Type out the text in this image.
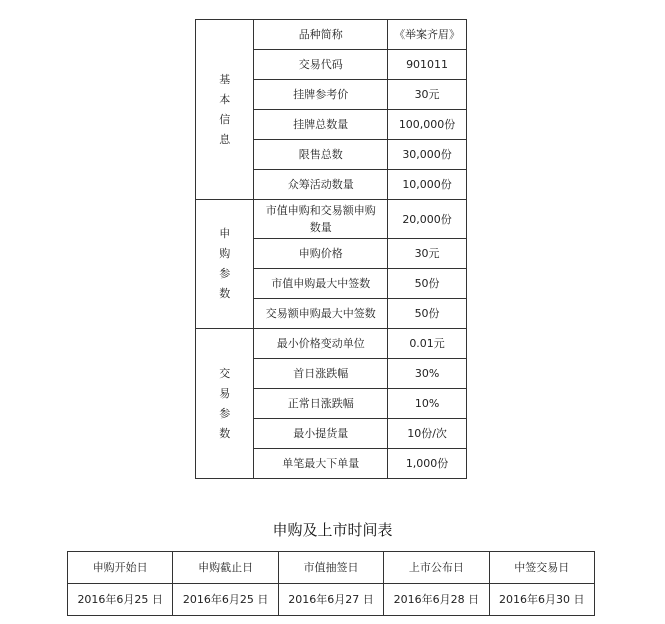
基
本
信
息	品种简称	《举案齐眉》
	交易代码	901011
	挂牌参考价	30元
	挂牌总数量	100,000份
	限售总数	30,000份
	众筹活动数量	10,000份

申
购
参
数	市值申购和交易额申购数量	20,000份
	申购价格	30元
	市值申购最大中签数	50份
	交易额申购最大中签数	50份

交
易
参
数	最小价格变动单位	0.01元
	首日涨跌幅	30%
	正常日涨跌幅	10%
	最小提货量	10份/次
	单笔最大下单量	1,000份
申购及上市时间表
申购开始日	申购截止日	市值抽签日	上市公布日	中签交易日
2016年6月25 日	2016年6月25 日	2016年6月27 日	2016年6月28 日	2016年6月30 日
